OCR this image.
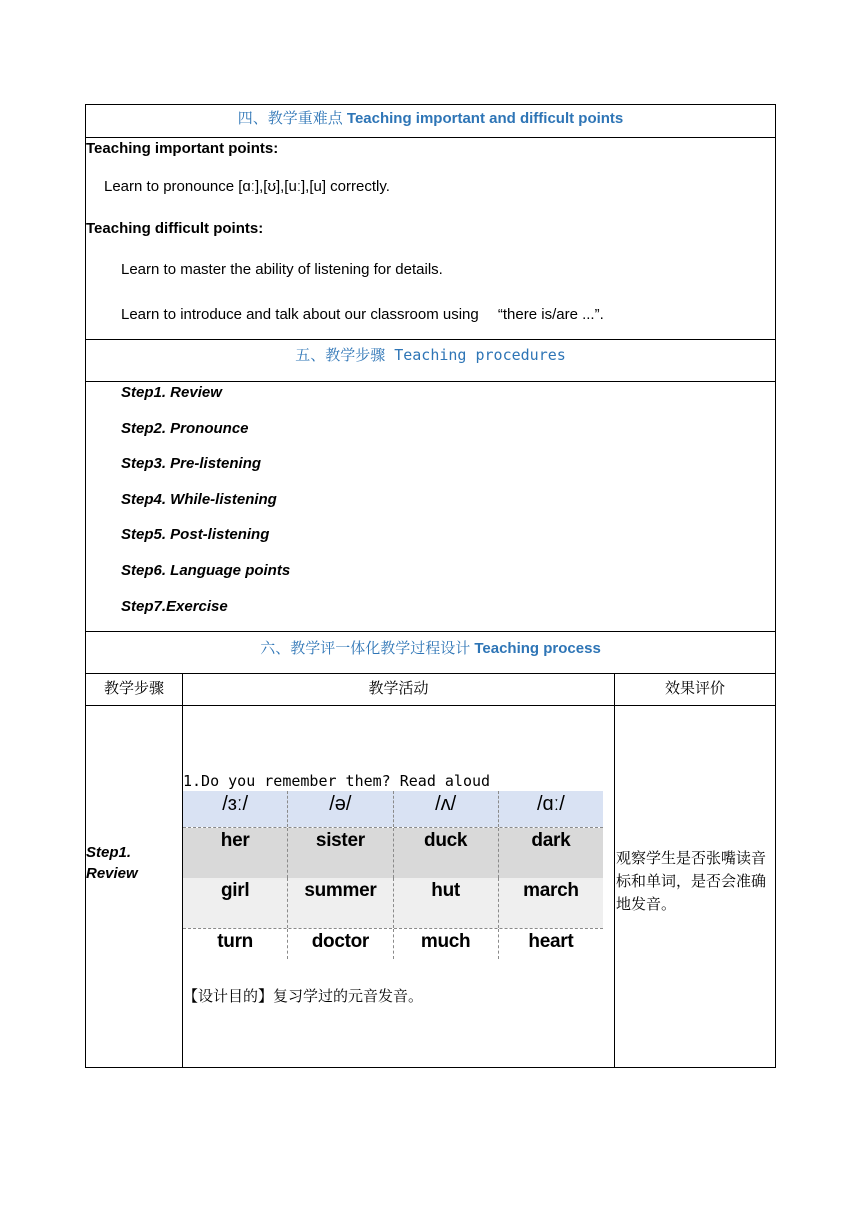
四、教学重难点 Teaching important and difficult points
Teaching important points:
Learn to pronounce [ɑː],[ʊ],[uː],[u] correctly.
Teaching difficult points:
Learn to master the ability of listening for details.
Learn to introduce and talk about our classroom using 　“there is/are ...”.
五、教学步骤 Teaching procedures
Step1. Review
Step2. Pronounce
Step3. Pre-listening
Step4. While-listening
Step5. Post-listening
Step6. Language points
Step7.Exercise
六、教学评一体化教学过程设计 Teaching process
教学步骤	教学活动	效果评价
Step1.
Review
1.Do you remember them? Read aloud
/ɜː/	/ə/	/ʌ/	/ɑː/
her	sister	duck	dark
girl	summer	hut	march
turn	doctor	much	heart
【设计目的】复习学过的元音发音。
观察学生是否张嘴读音标和单词，是否会准确地发音。
